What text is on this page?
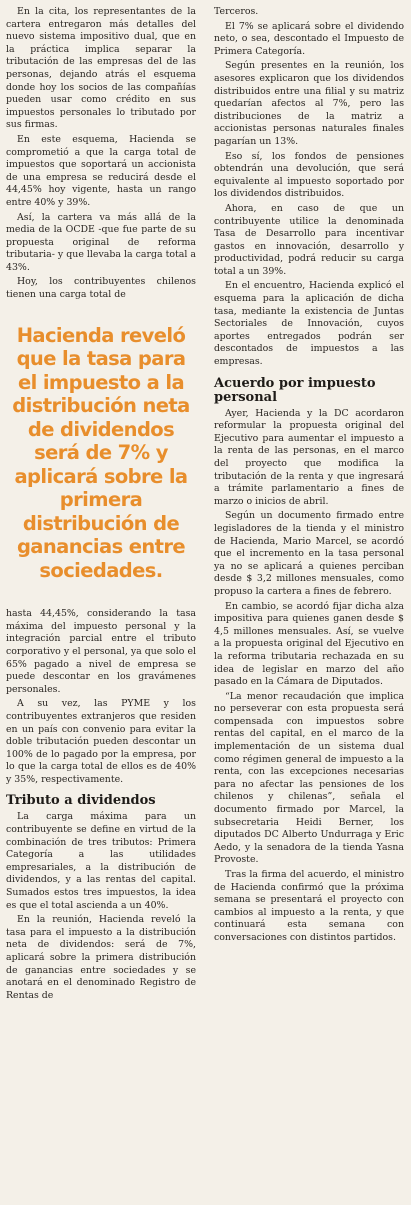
En la cita, los representantes de la cartera entregaron más detalles del nuevo sistema impositivo dual, que en la práctica implica separar la tributación de las empresas del de las personas, dejando atrás el esquema donde hoy los socios de las compañías pueden usar como crédito en sus impuestos personales lo tributado por sus firmas.

En este esquema, Hacienda se comprometió a que la carga total de impuestos que soportará un accionista de una empresa se reducirá desde el 44,45% hoy vigente, hasta un rango entre 40% y 39%.

Así, la cartera va más allá de la media de la OCDE -que fue parte de su propuesta original de reforma tributaria- y que llevaba la carga total a 43%.

Hoy, los contribuyentes chilenos tienen una carga total de

Hacienda reveló que la tasa para el impuesto a la distribución neta de dividendos será de 7% y aplicará sobre la primera distribución de ganancias entre sociedades.

hasta 44,45%, considerando la tasa máxima del impuesto personal y la integración parcial entre el tributo corporativo y el personal, ya que solo el 65% pagado a nivel de empresa se puede descontar en los gravámenes personales.

A su vez, las PYME y los contribuyentes extranjeros que residen en un país con convenio para evitar la doble tributación pueden descontar un 100% de lo pagado por la empresa, por lo que la carga total de ellos es de 40% y 35%, respectivamente.

Tributo a dividendos

La carga máxima para un contribuyente se define en virtud de la combinación de tres tributos: Primera Categoría a las utilidades empresariales, a la distribución de dividendos, y a las rentas del capital. Sumados estos tres impuestos, la idea es que el total ascienda a un 40%.

En la reunión, Hacienda reveló la tasa para el impuesto a la distribución neta de dividendos: será de 7%, aplicará sobre la primera distribución de ganancias entre sociedades y se anotará en el denominado Registro de Rentas de

Terceros.

El 7% se aplicará sobre el dividendo neto, o sea, descontado el Impuesto de Primera Categoría.

Según presentes en la reunión, los asesores explicaron que los dividendos distribuidos entre una filial y su matriz quedarían afectos al 7%, pero las distribuciones de la matriz a accionistas personas naturales finales pagarían un 13%.

Eso sí, los fondos de pensiones obtendrán una devolución, que será equivalente al impuesto soportado por los dividendos distribuidos.

Ahora, en caso de que un contribuyente utilice la denominada Tasa de Desarrollo para incentivar gastos en innovación, desarrollo y productividad, podrá reducir su carga total a un 39%.

En el encuentro, Hacienda explicó el esquema para la aplicación de dicha tasa, mediante la existencia de Juntas Sectoriales de Innovación, cuyos aportes entregados podrán ser descontados de impuestos a las empresas.

Acuerdo por impuesto personal

Ayer, Hacienda y la DC acordaron reformular la propuesta original del Ejecutivo para aumentar el impuesto a la renta de las personas, en el marco del proyecto que modifica la tributación de la renta y que ingresará a trámite parlamentario a fines de marzo o inicios de abril.

Según un documento firmado entre legisladores de la tienda y el ministro de Hacienda, Mario Marcel, se acordó que el incremento en la tasa personal ya no se aplicará a quienes perciban desde $ 3,2 millones mensuales, como propuso la cartera a fines de febrero.

En cambio, se acordó fijar dicha alza impositiva para quienes ganen desde $ 4,5 millones mensuales. Así, se vuelve a la propuesta original del Ejecutivo en la reforma tributaria rechazada en su idea de legislar en marzo del año pasado en la Cámara de Diputados.

“La menor recaudación que implica no perseverar con esta propuesta será compensada con impuestos sobre rentas del capital, en el marco de la implementación de un sistema dual como régimen general de impuesto a la renta, con las excepciones necesarias para no afectar las pensiones de los chilenos y chilenas”, señala el documento firmado por Marcel, la subsecretaria Heidi Berner, los diputados DC Alberto Undurraga y Eric Aedo, y la senadora de la tienda Yasna Provoste.

Tras la firma del acuerdo, el ministro de Hacienda confirmó que la próxima semana se presentará el proyecto con cambios al impuesto a la renta, y que continuará esta semana con conversaciones con distintos partidos.
